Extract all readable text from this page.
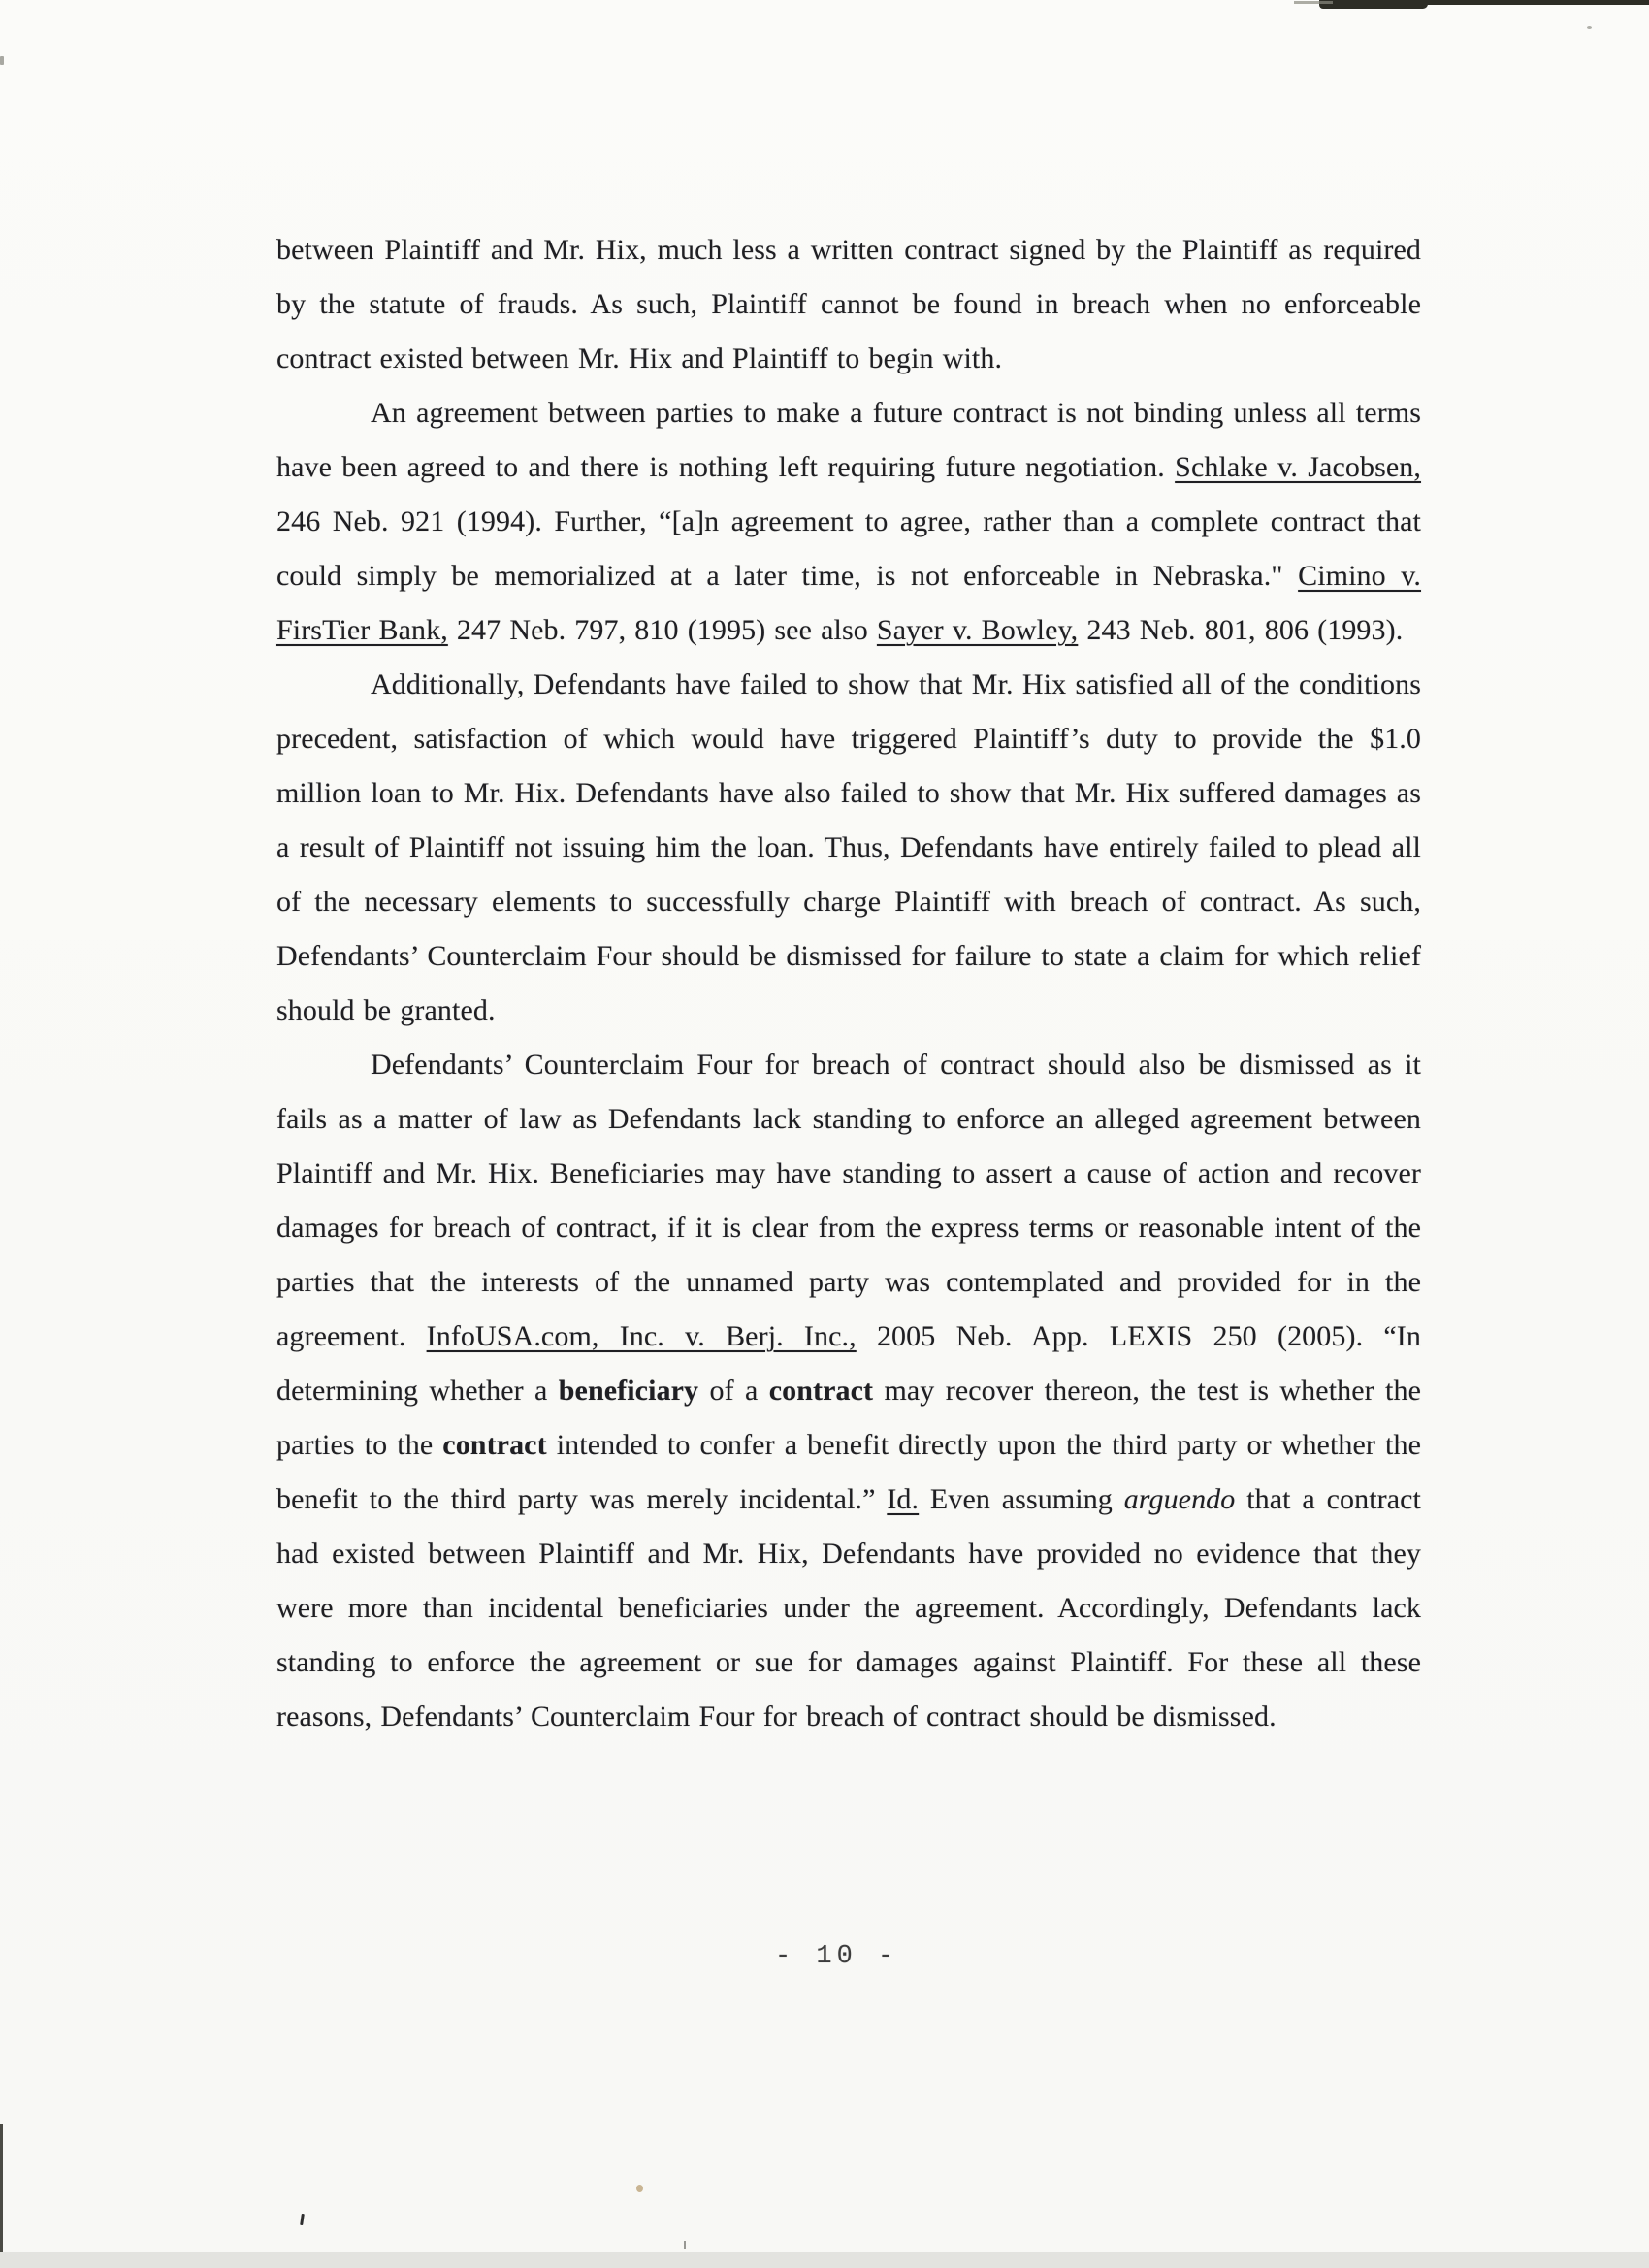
between Plaintiff and Mr. Hix, much less a written contract signed by the Plaintiff as required by the statute of frauds. As such, Plaintiff cannot be found in breach when no enforceable contract existed between Mr. Hix and Plaintiff to begin with.

An agreement between parties to make a future contract is not binding unless all terms have been agreed to and there is nothing left requiring future negotiation. Schlake v. Jacobsen, 246 Neb. 921 (1994). Further, “[a]n agreement to agree, rather than a complete contract that could simply be memorialized at a later time, is not enforceable in Nebraska." Cimino v. FirsTier Bank, 247 Neb. 797, 810 (1995) see also Sayer v. Bowley, 243 Neb. 801, 806 (1993).

Additionally, Defendants have failed to show that Mr. Hix satisfied all of the conditions precedent, satisfaction of which would have triggered Plaintiff’s duty to provide the $1.0 million loan to Mr. Hix. Defendants have also failed to show that Mr. Hix suffered damages as a result of Plaintiff not issuing him the loan. Thus, Defendants have entirely failed to plead all of the necessary elements to successfully charge Plaintiff with breach of contract. As such, Defendants’ Counterclaim Four should be dismissed for failure to state a claim for which relief should be granted.

Defendants’ Counterclaim Four for breach of contract should also be dismissed as it fails as a matter of law as Defendants lack standing to enforce an alleged agreement between Plaintiff and Mr. Hix. Beneficiaries may have standing to assert a cause of action and recover damages for breach of contract, if it is clear from the express terms or reasonable intent of the parties that the interests of the unnamed party was contemplated and provided for in the agreement. InfoUSA.com, Inc. v. Berj. Inc., 2005 Neb. App. LEXIS 250 (2005). “In determining whether a beneficiary of a contract may recover thereon, the test is whether the parties to the contract intended to confer a benefit directly upon the third party or whether the benefit to the third party was merely incidental.” Id. Even assuming arguendo that a contract had existed between Plaintiff and Mr. Hix, Defendants have provided no evidence that they were more than incidental beneficiaries under the agreement. Accordingly, Defendants lack standing to enforce the agreement or sue for damages against Plaintiff. For these all these reasons, Defendants’ Counterclaim Four for breach of contract should be dismissed.

- 10 -
